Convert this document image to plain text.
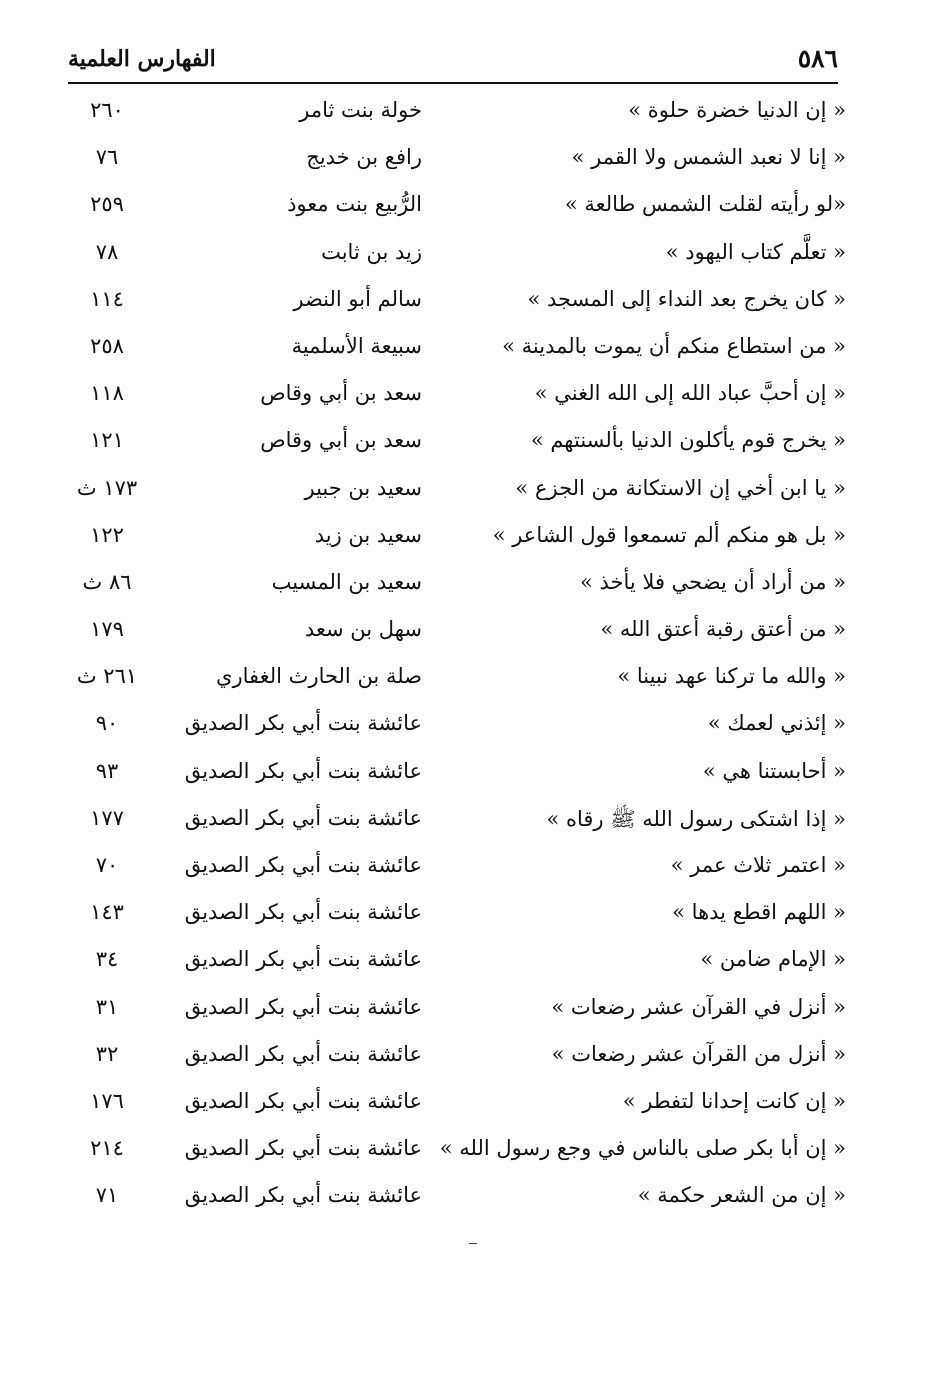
٥٨٦
الفهارس العلمية
« إن الدنيا خضرة حلوة »
خولة بنت ثامر
٢٦٠
« إنا لا نعبد الشمس ولا القمر »
رافع بن خديج
٧٦
«لو رأيته لقلت الشمس طالعة »
الرُّبيع بنت معوذ
٢٥٩
« تعلَّم كتاب اليهود »
زيد بن ثابت
٧٨
« كان يخرج بعد النداء إلى المسجد »
سالم أبو النضر
١١٤
« من استطاع منكم أن يموت بالمدينة »
سبيعة الأسلمية
٢٥٨
« إن أحبَّ عباد الله إلى الله الغني »
سعد بن أبي وقاص
١١٨
« يخرج قوم يأكلون الدنيا بألسنتهم »
سعد بن أبي وقاص
١٢١
« يا ابن أخي إن الاستكانة من الجزع »
سعيد بن جبير
١٧٣ ث
« بل هو منكم ألم تسمعوا قول الشاعر »
سعيد بن زيد
١٢٢
« من أراد أن يضحي فلا يأخذ »
سعيد بن المسيب
٨٦ ث
« من أعتق رقبة أعتق الله »
سهل بن سعد
١٧٩
« والله ما تركنا عهد نبينا »
صلة بن الحارث الغفاري
٢٦١ ث
« إئذني لعمك »
عائشة بنت أبي بكر الصديق
٩٠
« أحابستنا هي »
عائشة بنت أبي بكر الصديق
٩٣
« إذا اشتكى رسول الله ﷺ رقاه »
عائشة بنت أبي بكر الصديق
١٧٧
« اعتمر ثلاث عمر »
عائشة بنت أبي بكر الصديق
٧٠
« اللهم اقطع يدها »
عائشة بنت أبي بكر الصديق
١٤٣
« الإمام ضامن »
عائشة بنت أبي بكر الصديق
٣٤
« أنزل في القرآن عشر رضعات »
عائشة بنت أبي بكر الصديق
٣١
« أنزل من القرآن عشر رضعات »
عائشة بنت أبي بكر الصديق
٣٢
« إن كانت إحدانا لتفطر »
عائشة بنت أبي بكر الصديق
١٧٦
« إن أبا بكر صلى بالناس في وجع رسول الله »
عائشة بنت أبي بكر الصديق
٢١٤
« إن من الشعر حكمة »
عائشة بنت أبي بكر الصديق
٧١
